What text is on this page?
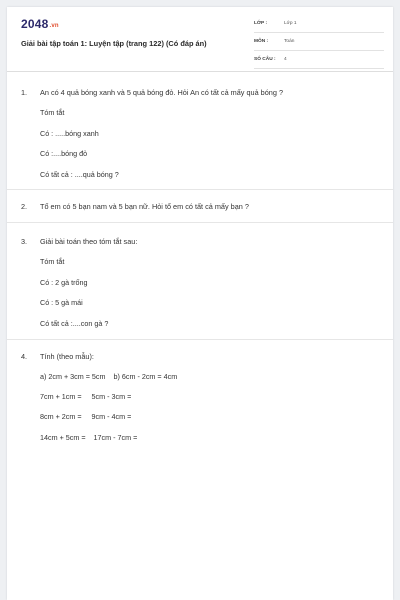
2048.vn
Giải bài tập toán 1: Luyện tập (trang 122) (Có đáp án)
LỚP :	Lớp 1
MÔN :	Toán
SỐ CÂU : 4
1. An có 4 quả bóng xanh và 5 quả bóng đỏ. Hỏi An có tất cả mấy quả bóng ?
Tóm tắt
Có : .....bóng xanh
Có :....bóng đỏ
Có tất cả : ....quả bóng ?
2. Tổ em có 5 bạn nam và 5 bạn nữ. Hỏi tổ em có tất cả mấy bạn ?
3. Giải bài toán theo tóm tắt sau:
Tóm tắt
Có : 2 gà trống
Có : 5 gà mái
Có tất cả :....con gà ?
4. Tính (theo mẫu):
a) 2cm + 3cm = 5cm    b) 6cm - 2cm = 4cm
7cm + 1cm =     5cm - 3cm =
8cm + 2cm =     9cm - 4cm =
14cm + 5cm =    17cm - 7cm =
